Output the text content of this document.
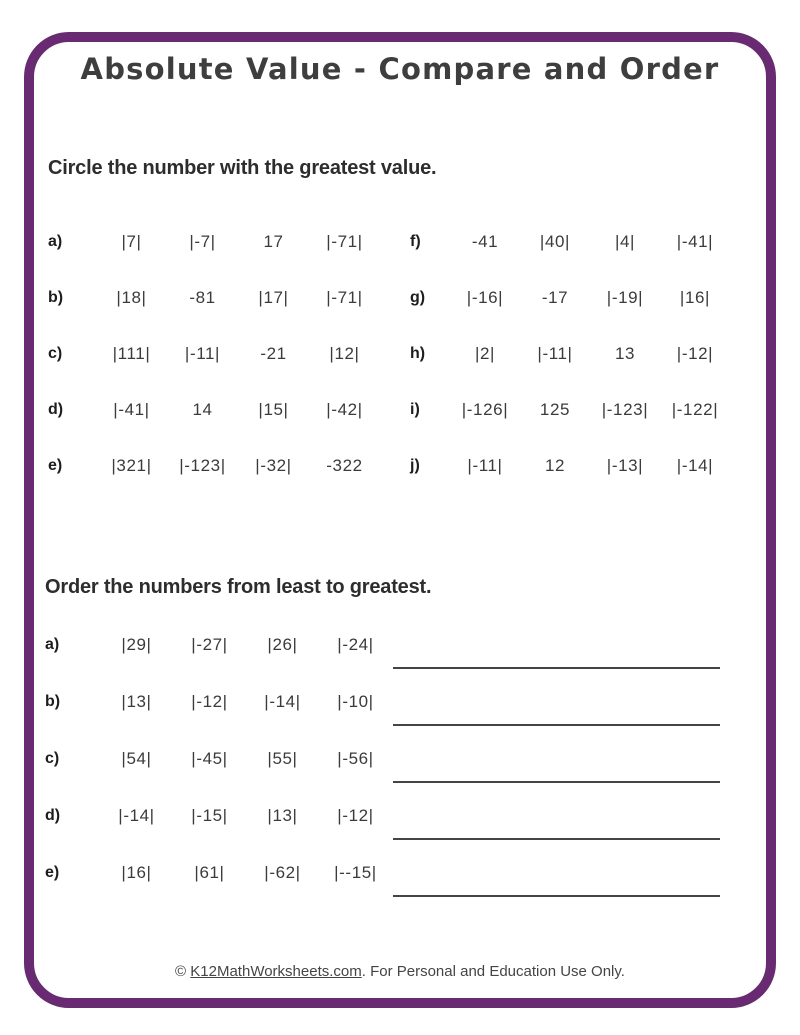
Absolute Value - Compare and Order
Circle the number with the greatest value.
a)	|7|	|-7|	17	|-71|
b)	|18|	-81	|17|	|-71|
c)	|111|	|-11|	-21	|12|
d)	|-41|	14	|15|	|-42|
e)	|321|	|-123|	|-32|	-322
f)	-41	|40|	|4|	|-41|
g)	|-16|	-17	|-19|	|16|
h)	|2|	|-11|	13	|-12|
i)	|-126|	125	|-123|	|-122|
j)	|-11|	12	|-13|	|-14|
Order the numbers from least to greatest.
a)	|29|	|-27|	|26|	|-24|
b)	|13|	|-12|	|-14|	|-10|
c)	|54|	|-45|	|55|	|-56|
d)	|-14|	|-15|	|13|	|-12|
e)	|16|	|61|	|-62|	|--15|
© K12MathWorksheets.com. For Personal and Education Use Only.
